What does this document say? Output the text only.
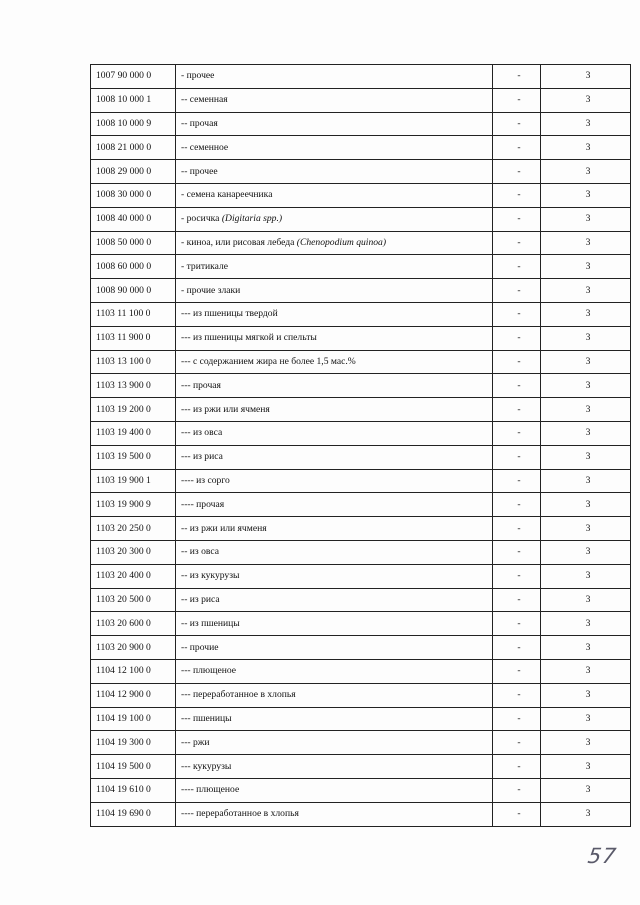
1007 90 000 0	- прочее	-	3
1008 10 000 1	-- семенная	-	3
1008 10 000 9	-- прочая	-	3
1008 21 000 0	-- семенное	-	3
1008 29 000 0	-- прочее	-	3
1008 30 000 0	- семена канареечника	-	3
1008 40 000 0	- росичка (Digitaria spp.)	-	3
1008 50 000 0	- киноа, или рисовая лебеда (Chenopodium quinoa)	-	3
1008 60 000 0	- тритикале	-	3
1008 90 000 0	- прочие злаки	-	3
1103 11 100 0	--- из пшеницы твердой	-	3
1103 11 900 0	--- из пшеницы мягкой и спельты	-	3
1103 13 100 0	--- с содержанием жира не более 1,5 мас.%	-	3
1103 13 900 0	--- прочая	-	3
1103 19 200 0	--- из ржи или ячменя	-	3
1103 19 400 0	--- из овса	-	3
1103 19 500 0	--- из риса	-	3
1103 19 900 1	---- из сорго	-	3
1103 19 900 9	---- прочая	-	3
1103 20 250 0	-- из ржи или ячменя	-	3
1103 20 300 0	-- из овса	-	3
1103 20 400 0	-- из кукурузы	-	3
1103 20 500 0	-- из риса	-	3
1103 20 600 0	-- из пшеницы	-	3
1103 20 900 0	-- прочие	-	3
1104 12 100 0	--- плющеное	-	3
1104 12 900 0	--- переработанное в хлопья	-	3
1104 19 100 0	--- пшеницы	-	3
1104 19 300 0	--- ржи	-	3
1104 19 500 0	--- кукурузы	-	3
1104 19 610 0	---- плющеное	-	3
1104 19 690 0	---- переработанное в хлопья	-	3
57
